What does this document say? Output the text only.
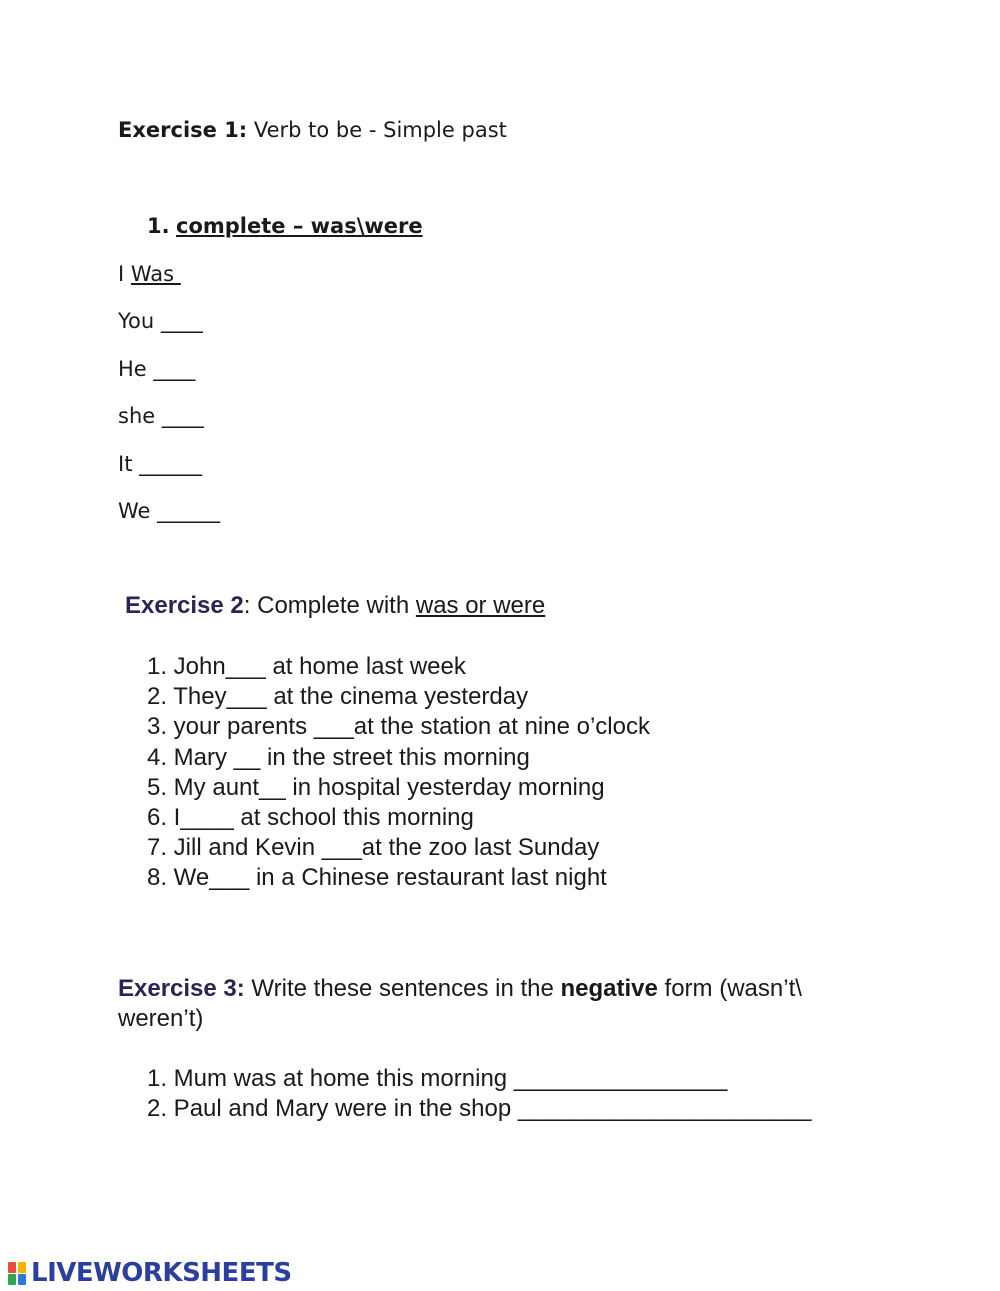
Exercise 1: Verb to be - Simple past

1. complete – was\were

I Was

You ____

He ____

she ____

It ______

We ______

Exercise 2: Complete with was or were

1. John___ at home last week
2. They___ at the cinema yesterday
3. your parents ___at the station at nine o’clock
4. Mary __ in the street this morning
5. My aunt__ in hospital yesterday morning
6. I____ at school this morning
7. Jill and Kevin ___at the zoo last Sunday
8. We___ in a Chinese restaurant last night

Exercise 3: Write these sentences in the negative form (wasn’t\ weren’t)

1. Mum was at home this morning ________________
2. Paul and Mary were in the shop ______________________
LIVEWORKSHEETS
